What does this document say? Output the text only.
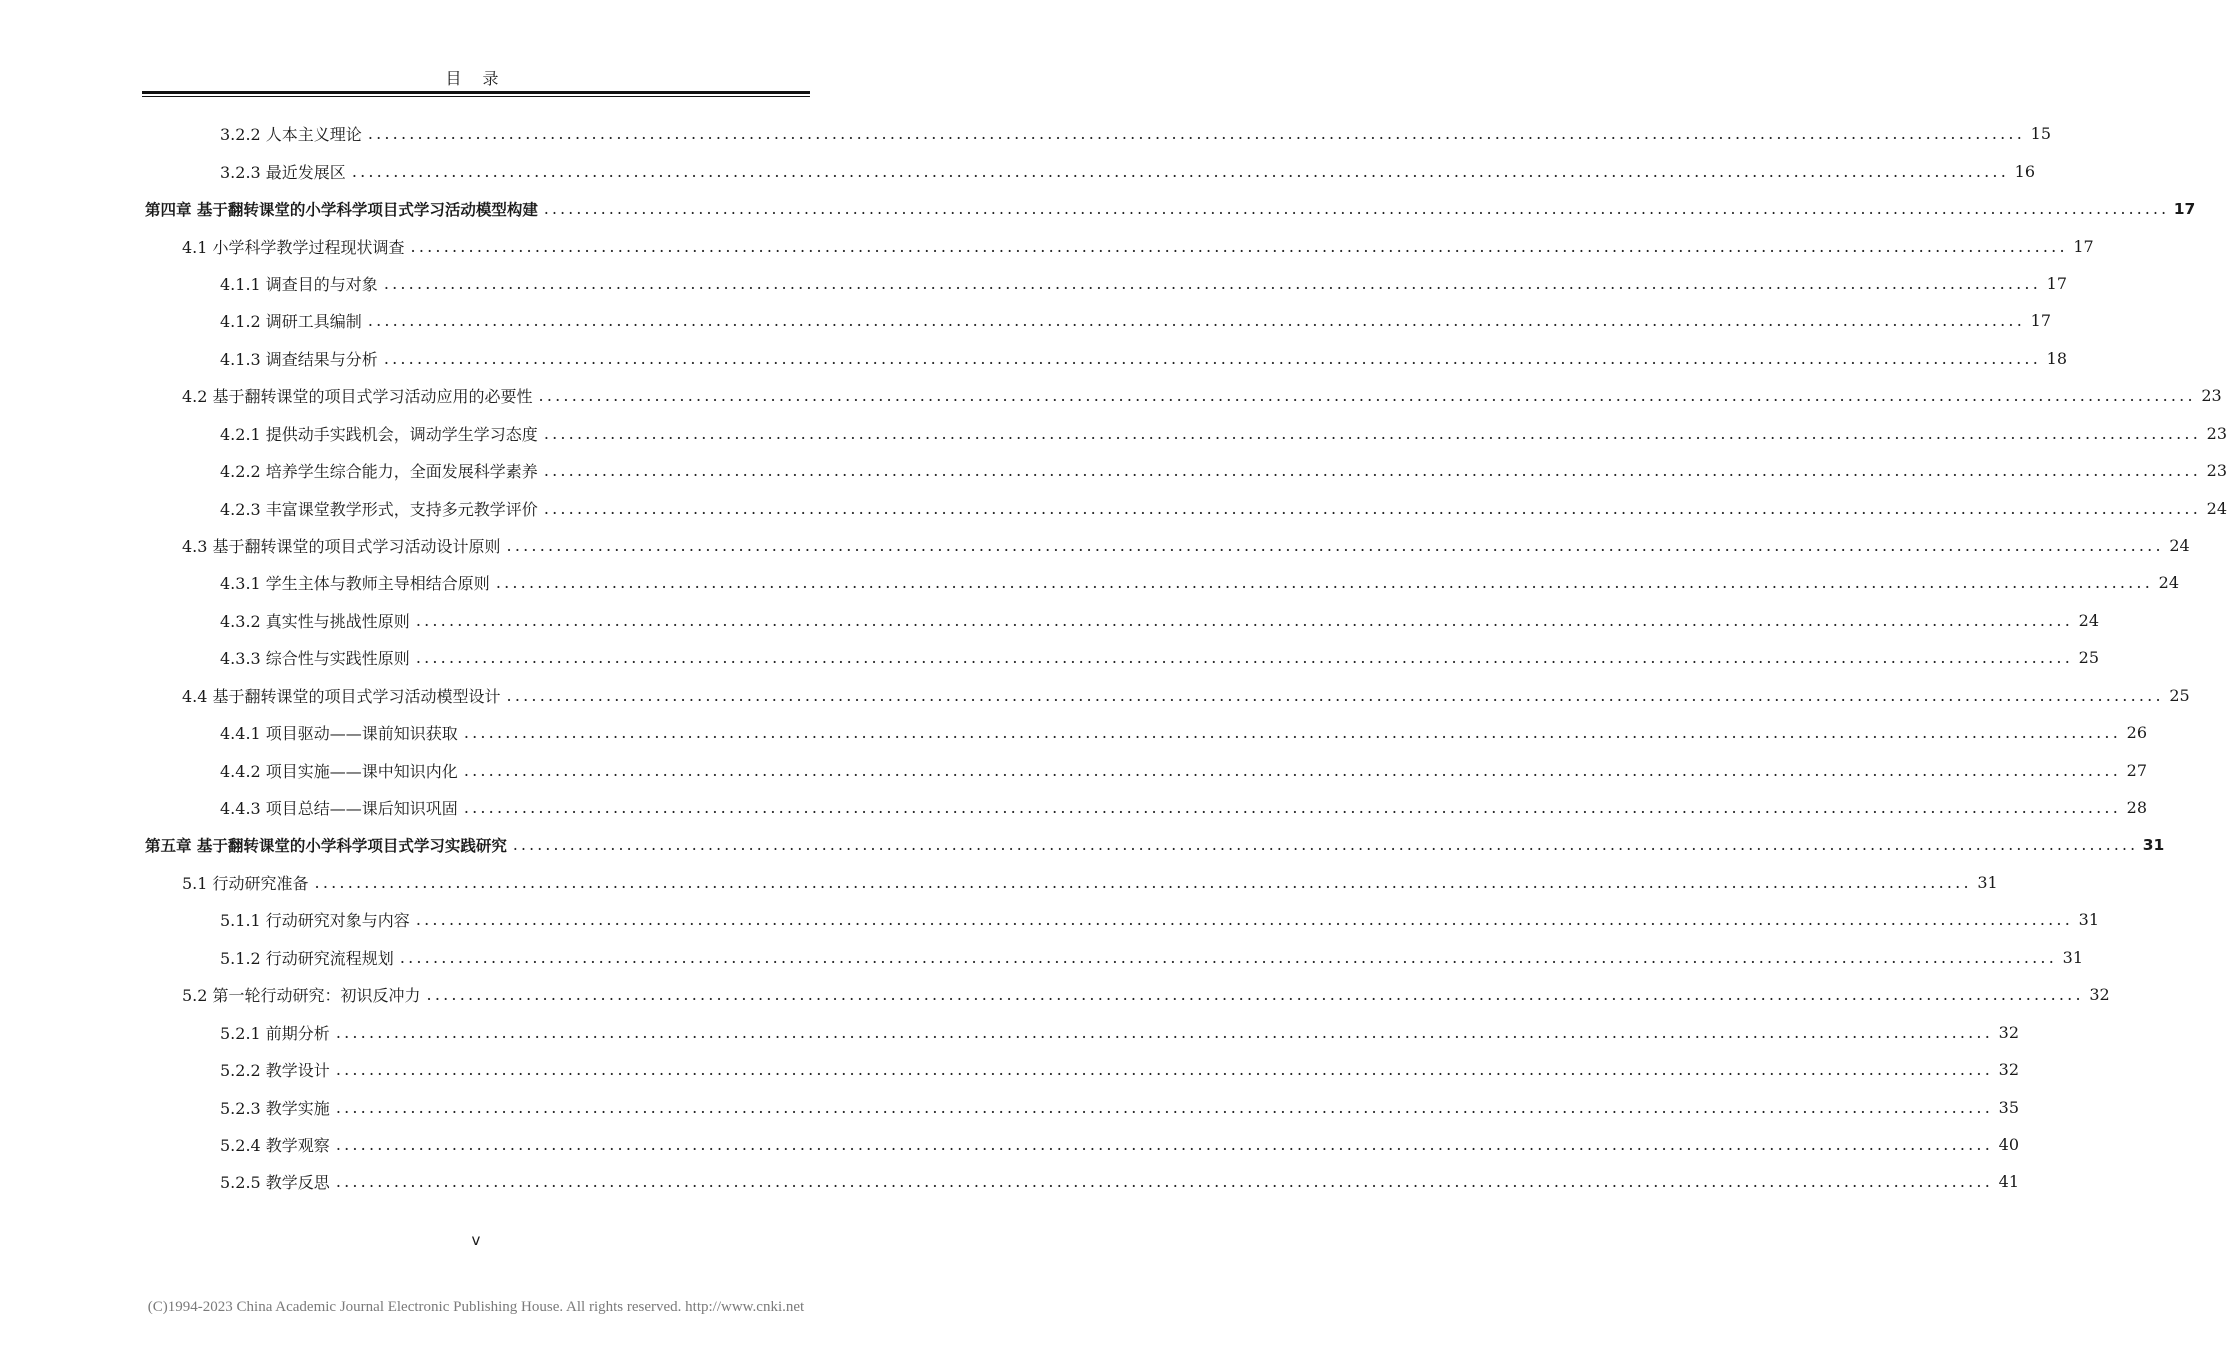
目 录
3.2.2 人本主义理论 ........................................................................................................................................................................................................ 15
3.2.3 最近发展区 ........................................................................................................................................................................................................ 16
第四章 基于翻转课堂的小学科学项目式学习活动模型构建 ........................................................................................................................................................................................................ 17
4.1 小学科学教学过程现状调查 ........................................................................................................................................................................................................ 17
4.1.1 调查目的与对象 ........................................................................................................................................................................................................ 17
4.1.2 调研工具编制 ........................................................................................................................................................................................................ 17
4.1.3 调查结果与分析 ........................................................................................................................................................................................................ 18
4.2 基于翻转课堂的项目式学习活动应用的必要性 ........................................................................................................................................................................................................ 23
4.2.1 提供动手实践机会，调动学生学习态度 ........................................................................................................................................................................................................ 23
4.2.2 培养学生综合能力，全面发展科学素养 ........................................................................................................................................................................................................ 23
4.2.3 丰富课堂教学形式，支持多元教学评价 ........................................................................................................................................................................................................ 24
4.3 基于翻转课堂的项目式学习活动设计原则 ........................................................................................................................................................................................................ 24
4.3.1 学生主体与教师主导相结合原则 ........................................................................................................................................................................................................ 24
4.3.2 真实性与挑战性原则 ........................................................................................................................................................................................................ 24
4.3.3 综合性与实践性原则 ........................................................................................................................................................................................................ 25
4.4 基于翻转课堂的项目式学习活动模型设计 ........................................................................................................................................................................................................ 25
4.4.1 项目驱动——课前知识获取 ........................................................................................................................................................................................................ 26
4.4.2 项目实施——课中知识内化 ........................................................................................................................................................................................................ 27
4.4.3 项目总结——课后知识巩固 ........................................................................................................................................................................................................ 28
第五章 基于翻转课堂的小学科学项目式学习实践研究 ........................................................................................................................................................................................................ 31
5.1 行动研究准备 ........................................................................................................................................................................................................ 31
5.1.1 行动研究对象与内容 ........................................................................................................................................................................................................ 31
5.1.2 行动研究流程规划 ........................................................................................................................................................................................................ 31
5.2 第一轮行动研究：初识反冲力 ........................................................................................................................................................................................................ 32
5.2.1 前期分析 ........................................................................................................................................................................................................ 32
5.2.2 教学设计 ........................................................................................................................................................................................................ 32
5.2.3 教学实施 ........................................................................................................................................................................................................ 35
5.2.4 教学观察 ........................................................................................................................................................................................................ 40
5.2.5 教学反思 ........................................................................................................................................................................................................ 41
v
(C)1994-2023 China Academic Journal Electronic Publishing House. All rights reserved. http://www.cnki.net
